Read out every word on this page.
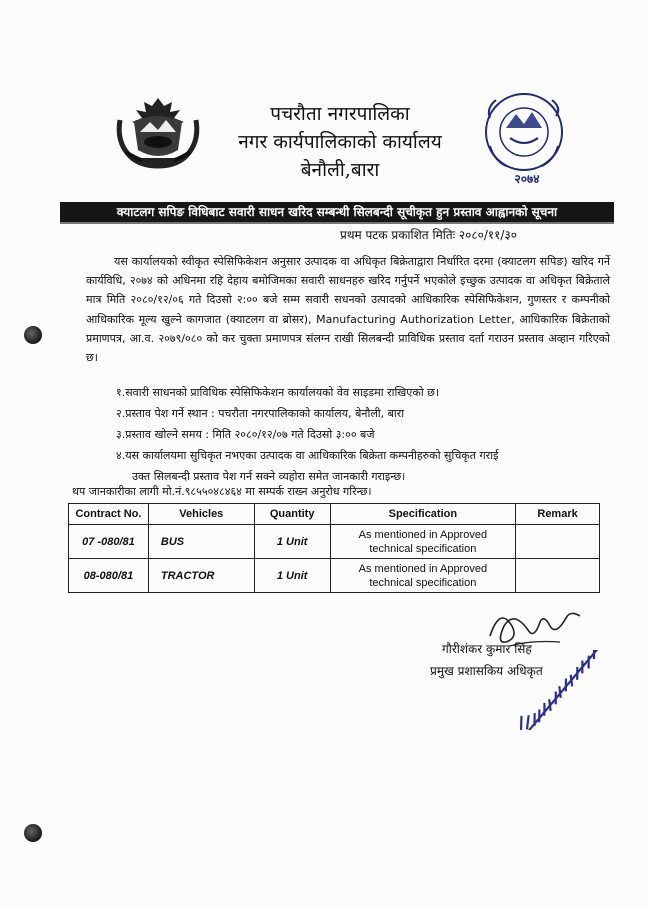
पचरौता नगरपालिका
नगर कार्यपालिकाको कार्यालय
बेनौली,बारा	२०७४
क्याटलग सपिङ विधिबाट सवारी साधन खरिद सम्बन्धी सिलबन्दी सूचीकृत हुन प्रस्ताव आह्वानको सूचना
प्रथम पटक प्रकाशित मितिः २०८०/११/३०

यस कार्यालयको स्वीकृत स्पेसिफिकेशन अनुसार उत्पादक वा अधिकृत बिक्रेताद्वारा निर्धारित दरमा (क्याटलग सपिङ) खरिद गर्ने कार्यविधि, २०७४ को अधिनमा रहि देहाय बमोजिमका सवारी साधनहरु खरिद गर्नुपर्ने भएकोले इच्छुक उत्पादक वा अधिकृत बिक्रेताले मात्र मिति २०८०/१२/०६ गते दिउसो २:०० बजे सम्म सवारी सधनको उत्पादको आधिकारिक स्पेसिफिकेशन, गुणस्तर र कम्पनीको आधिकारिक मूल्य खुल्ने कागजात (क्याटलग वा ब्रोसर), Manufacturing Authorization Letter, आधिकारिक बिक्रेताको प्रमाणपत्र, आ.व. २०७९/०८० को कर चुक्ता प्रमाणपत्र संलग्न राखी सिलबन्दी प्राविधिक प्रस्ताव दर्ता गराउन प्रस्ताव अव्हान गरिएको छ।

१.सवारी साधनको प्राविधिक स्पेसिफिकेशन कार्यालयको वेव साइडमा राखिएको छ।
२.प्रस्ताव पेश गर्ने स्थान : पचरौता नगरपालिकाको कार्यालय, बेनौली, बारा
३.प्रस्ताव खोल्ने समय : मिति २०८०/१२/०७ गते दिउसो ३:०० बजे
४.यस कार्यालयमा सुचिकृत नभएका उत्पादक वा आधिकारिक बिक्रेता कम्पनीहरुको सुचिकृत गराई
उक्त सिलबन्दी प्रस्ताव पेश गर्न सक्ने व्यहोरा समेत जानकारी गराइन्छ।
थप जानकारीका लागी मो.नं.९८५५०४८४६४ मा सम्पर्क राख्न अनुरोध गरिन्छ।
Contract No.	Vehicles	Quantity	Specification	Remark
07 -080/81	BUS	1 Unit	As mentioned in Approved
technical specification	

08-080/81	TRACTOR	1 Unit	As mentioned in Approved
technical specification	

गौरीशंकर कुमार सिंह
प्रमुख प्रशासकिय अधिकृत
